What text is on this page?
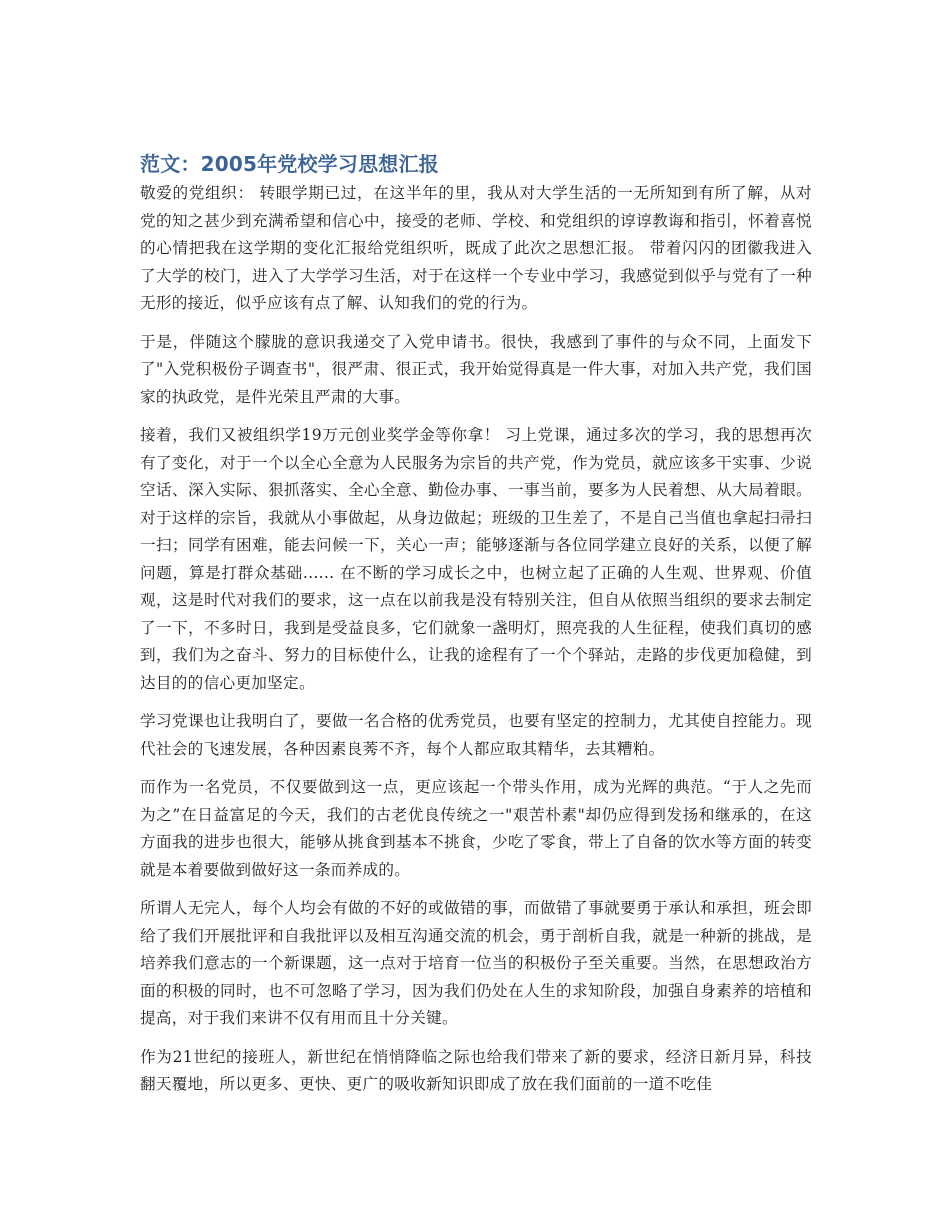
范文：2005年党校学习思想汇报

敬爱的党组织： 转眼学期已过，在这半年的里，我从对大学生活的一无所知到有所了解，从对党的知之甚少到充满希望和信心中，接受的老师、学校、和党组织的谆谆教诲和指引，怀着喜悦的心情把我在这学期的变化汇报给党组织听，既成了此次之思想汇报。 带着闪闪的团徽我进入了大学的校门，进入了大学学习生活，对于在这样一个专业中学习，我感觉到似乎与党有了一种无形的接近，似乎应该有点了解、认知我们的党的行为。

于是，伴随这个朦胧的意识我递交了入党申请书。很快，我感到了事件的与众不同，上面发下了"入党积极份子调查书"，很严肃、很正式，我开始觉得真是一件大事，对加入共产党，我们国家的执政党，是件光荣且严肃的大事。

接着，我们又被组织学19万元创业奖学金等你拿！ 习上党课，通过多次的学习，我的思想再次有了变化，对于一个以全心全意为人民服务为宗旨的共产党，作为党员，就应该多干实事、少说空话、深入实际、狠抓落实、全心全意、勤俭办事、一事当前，要多为人民着想、从大局着眼。对于这样的宗旨，我就从小事做起，从身边做起；班级的卫生差了，不是自己当值也拿起扫帚扫一扫；同学有困难，能去问候一下，关心一声；能够逐渐与各位同学建立良好的关系，以便了解问题，算是打群众基础...... 在不断的学习成长之中，也树立起了正确的人生观、世界观、价值观，这是时代对我们的要求，这一点在以前我是没有特别关注，但自从依照当组织的要求去制定了一下，不多时日，我到是受益良多，它们就象一盏明灯，照亮我的人生征程，使我们真切的感到，我们为之奋斗、努力的目标使什么，让我的途程有了一个个驿站，走路的步伐更加稳健，到达目的的信心更加坚定。

学习党课也让我明白了，要做一名合格的优秀党员，也要有坚定的控制力，尤其使自控能力。现代社会的飞速发展，各种因素良莠不齐，每个人都应取其精华，去其糟粕。

而作为一名党员，不仅要做到这一点，更应该起一个带头作用，成为光辉的典范。“于人之先而为之”在日益富足的今天，我们的古老优良传统之一"艰苦朴素"却仍应得到发扬和继承的，在这方面我的进步也很大，能够从挑食到基本不挑食，少吃了零食，带上了自备的饮水等方面的转变就是本着要做到做好这一条而养成的。

所谓人无完人，每个人均会有做的不好的或做错的事，而做错了事就要勇于承认和承担，班会即给了我们开展批评和自我批评以及相互沟通交流的机会，勇于剖析自我，就是一种新的挑战，是培养我们意志的一个新课题，这一点对于培育一位当的积极份子至关重要。当然，在思想政治方面的积极的同时，也不可忽略了学习，因为我们仍处在人生的求知阶段，加强自身素养的培植和提高，对于我们来讲不仅有用而且十分关键。

作为21世纪的接班人，新世纪在悄悄降临之际也给我们带来了新的要求，经济日新月异，科技翻天覆地，所以更多、更快、更广的吸收新知识即成了放在我们面前的一道不吃佳
